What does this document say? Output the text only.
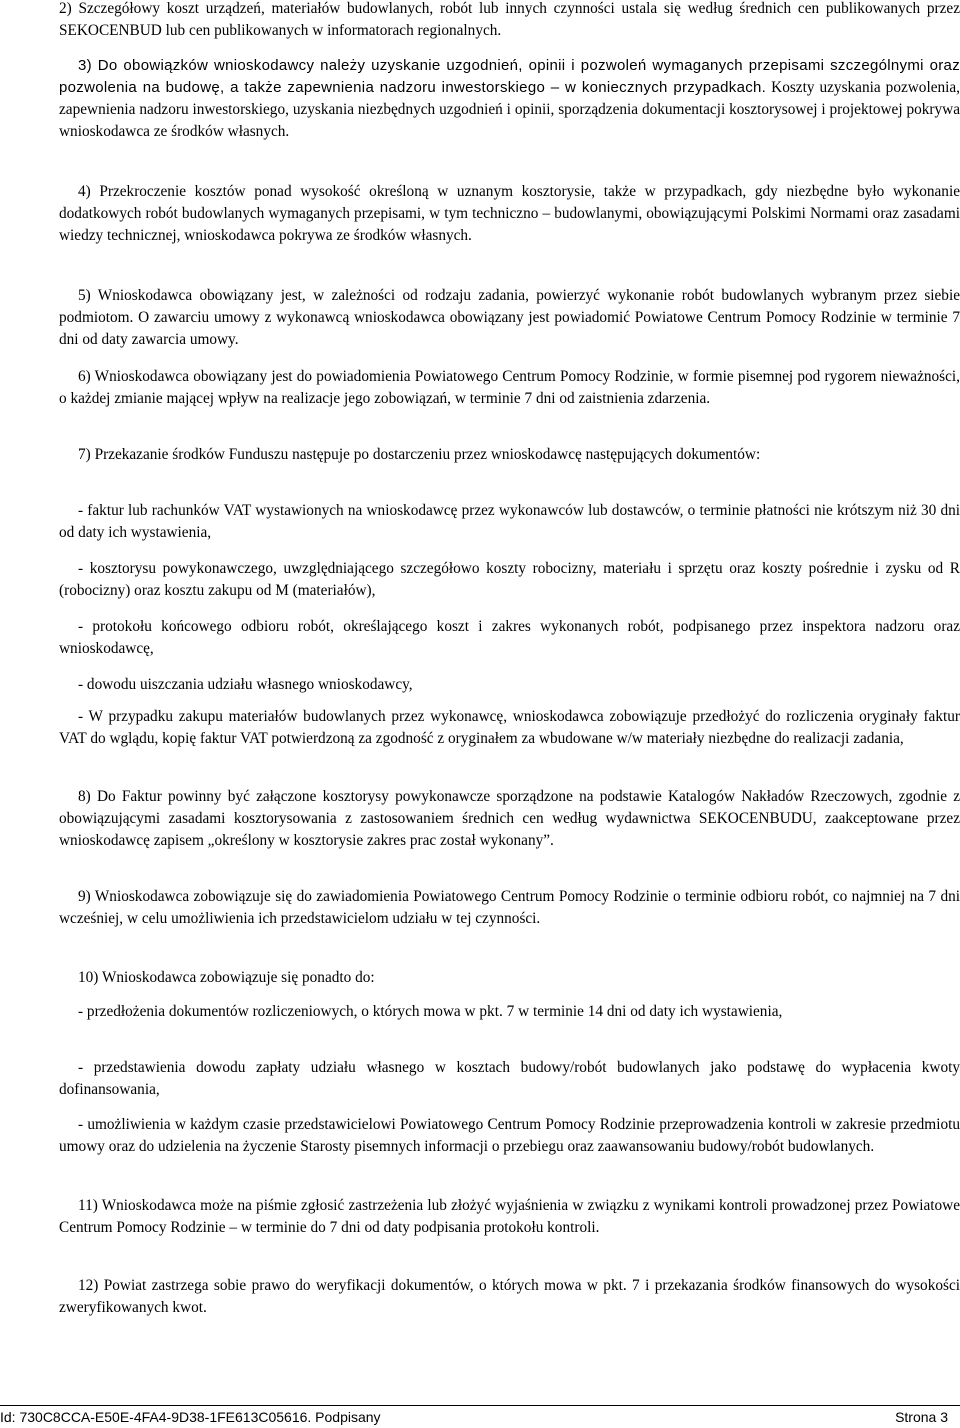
2) Szczegółowy koszt urządzeń, materiałów budowlanych, robót lub innych czynności ustala się według średnich cen publikowanych przez SEKOCENBUD lub cen publikowanych w informatorach regionalnych.

3) Do obowiązków wnioskodawcy należy uzyskanie uzgodnień, opinii i pozwoleń wymaganych przepisami szczególnymi oraz pozwolenia na budowę, a także zapewnienia nadzoru inwestorskiego – w koniecznych przypadkach. Koszty uzyskania pozwolenia, zapewnienia nadzoru inwestorskiego, uzyskania niezbędnych uzgodnień i opinii, sporządzenia dokumentacji kosztorysowej i projektowej pokrywa wnioskodawca ze środków własnych.

4) Przekroczenie kosztów ponad wysokość określoną w uznanym kosztorysie, także w przypadkach, gdy niezbędne było wykonanie dodatkowych robót budowlanych wymaganych przepisami, w tym techniczno – budowlanymi, obowiązującymi Polskimi Normami oraz zasadami wiedzy technicznej, wnioskodawca pokrywa ze środków własnych.

5) Wnioskodawca obowiązany jest, w zależności od rodzaju zadania, powierzyć wykonanie robót budowlanych wybranym przez siebie podmiotom. O zawarciu umowy z wykonawcą wnioskodawca obowiązany jest powiadomić Powiatowe Centrum Pomocy Rodzinie w terminie 7 dni od daty zawarcia umowy.

6) Wnioskodawca obowiązany jest do powiadomienia Powiatowego Centrum Pomocy Rodzinie, w formie pisemnej pod rygorem nieważności, o każdej zmianie mającej wpływ na realizacje jego zobowiązań, w terminie 7 dni od zaistnienia zdarzenia.

7) Przekazanie środków Funduszu następuje po dostarczeniu przez wnioskodawcę następujących dokumentów:

- faktur lub rachunków VAT wystawionych na wnioskodawcę przez wykonawców lub dostawców, o terminie płatności nie krótszym niż 30 dni od daty ich wystawienia,

- kosztorysu powykonawczego, uwzględniającego szczegółowo koszty robocizny, materiału i sprzętu oraz koszty pośrednie i zysku od R (robocizny) oraz kosztu zakupu od M (materiałów),

- protokołu końcowego odbioru robót, określającego koszt i zakres wykonanych robót, podpisanego przez inspektora nadzoru oraz wnioskodawcę,

- dowodu uiszczania udziału własnego wnioskodawcy,

- W przypadku zakupu materiałów budowlanych przez wykonawcę, wnioskodawca zobowiązuje przedłożyć do rozliczenia oryginały faktur VAT do wglądu, kopię faktur VAT potwierdzoną za zgodność z oryginałem za wbudowane w/w materiały niezbędne do realizacji zadania,

8) Do Faktur powinny być załączone kosztorysy powykonawcze sporządzone na podstawie Katalogów Nakładów Rzeczowych, zgodnie z obowiązującymi zasadami kosztorysowania z zastosowaniem średnich cen według wydawnictwa SEKOCENBUDU, zaakceptowane przez wnioskodawcę zapisem „określony w kosztorysie zakres prac został wykonany”.

9) Wnioskodawca zobowiązuje się do zawiadomienia Powiatowego Centrum Pomocy Rodzinie o terminie odbioru robót, co najmniej na 7 dni wcześniej, w celu umożliwienia ich przedstawicielom udziału w tej czynności.

10) Wnioskodawca zobowiązuje się ponadto do:

- przedłożenia dokumentów rozliczeniowych, o których mowa w pkt. 7 w terminie 14 dni od daty ich wystawienia,

- przedstawienia dowodu zapłaty udziału własnego w kosztach budowy/robót budowlanych jako podstawę do wypłacenia kwoty dofinansowania,

- umożliwienia w każdym czasie przedstawicielowi Powiatowego Centrum Pomocy Rodzinie przeprowadzenia kontroli w zakresie przedmiotu umowy oraz do udzielenia na życzenie Starosty pisemnych informacji o przebiegu oraz zaawansowaniu budowy/robót budowlanych.

11) Wnioskodawca może na piśmie zgłosić zastrzeżenia lub złożyć wyjaśnienia w związku z wynikami kontroli prowadzonej przez Powiatowe Centrum Pomocy Rodzinie – w terminie do 7 dni od daty podpisania protokołu kontroli.

12) Powiat zastrzega sobie prawo do weryfikacji dokumentów, o których mowa w pkt. 7 i przekazania środków finansowych do wysokości zweryfikowanych kwot.

Id: 730C8CCA-E50E-4FA4-9D38-1FE613C05616. Podpisany	Strona 3
